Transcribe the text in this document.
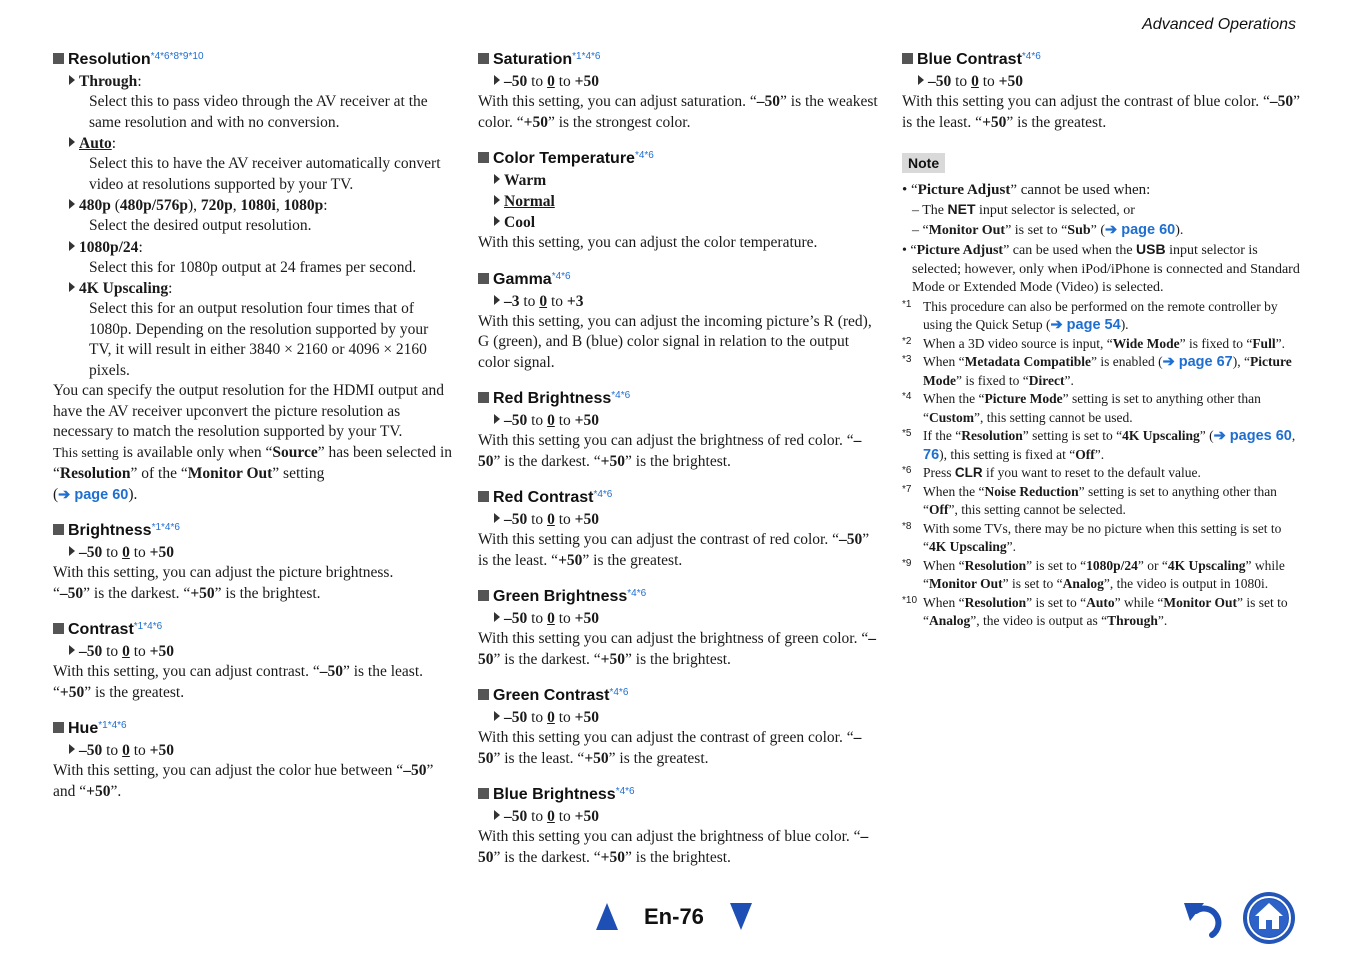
Advanced Operations
Resolution$^{*4*6*8*9*10}$
Through:
Select this to pass video through the AV receiver at the same resolution and with no conversion.
Auto:
Select this to have the AV receiver automatically convert video at resolutions supported by your TV.
480p (480p/576p), 720p, 1080i, 1080p:
Select the desired output resolution.
1080p/24:
Select this for 1080p output at 24 frames per second.
4K Upscaling:
Select this for an output resolution four times that of 1080p. Depending on the resolution supported by your TV, it will result in either 3840 × 2160 or 4096 × 2160 pixels.
You can specify the output resolution for the HDMI output and have the AV receiver upconvert the picture resolution as necessary to match the resolution supported by your TV.
This setting is available only when “Source” has been selected in “Resolution” of the “Monitor Out” setting
(➔ page 60).
Brightness$^{*1*4*6}$
–50 to 0 to +50
With this setting, you can adjust the picture brightness.
“–50” is the darkest. “+50” is the brightest.
Contrast$^{*1*4*6}$
–50 to 0 to +50
With this setting, you can adjust contrast. “–50” is the least. “+50” is the greatest.
Hue$^{*1*4*6}$
–50 to 0 to +50
With this setting, you can adjust the color hue between “–50” and “+50”.
Saturation$^{*1*4*6}$
–50 to 0 to +50
With this setting, you can adjust saturation. “–50” is the weakest color. “+50” is the strongest color.
Color Temperature$^{*4*6}$
Warm
Normal
Cool
With this setting, you can adjust the color temperature.
Gamma$^{*4*6}$
–3 to 0 to +3
With this setting, you can adjust the incoming picture’s R (red), G (green), and B (blue) color signal in relation to the output color signal.
Red Brightness$^{*4*6}$
–50 to 0 to +50
With this setting you can adjust the brightness of red color. “–50” is the darkest. “+50” is the brightest.
Red Contrast$^{*4*6}$
–50 to 0 to +50
With this setting you can adjust the contrast of red color. “–50” is the least. “+50” is the greatest.
Green Brightness$^{*4*6}$
–50 to 0 to +50
With this setting you can adjust the brightness of green color. “–50” is the darkest. “+50” is the brightest.
Green Contrast$^{*4*6}$
–50 to 0 to +50
With this setting you can adjust the contrast of green color. “–50” is the least. “+50” is the greatest.
Blue Brightness$^{*4*6}$
–50 to 0 to +50
With this setting you can adjust the brightness of blue color. “–50” is the darkest. “+50” is the brightest.
Blue Contrast$^{*4*6}$
–50 to 0 to +50
With this setting you can adjust the contrast of blue color. “–50” is the least. “+50” is the greatest.
Note
• “Picture Adjust” cannot be used when:
– The NET input selector is selected, or
– “Monitor Out” is set to “Sub” (➔ page 60).
• “Picture Adjust” can be used when the USB input selector is selected; however, only when iPod/iPhone is connected and Standard Mode or Extended Mode (Video) is selected.
*1 This procedure can also be performed on the remote controller by using the Quick Setup (➔ page 54).
*2 When a 3D video source is input, “Wide Mode” is fixed to “Full”.
*3 When “Metadata Compatible” is enabled (➔ page 67), “Picture Mode” is fixed to “Direct”.
*4 When the “Picture Mode” setting is set to anything other than “Custom”, this setting cannot be used.
*5 If the “Resolution” setting is set to “4K Upscaling” (➔ pages 60, 76), this setting is fixed at “Off”.
*6 Press CLR if you want to reset to the default value.
*7 When the “Noise Reduction” setting is set to anything other than “Off”, this setting cannot be selected.
*8 With some TVs, there may be no picture when this setting is set to “4K Upscaling”.
*9 When “Resolution” is set to “1080p/24” or “4K Upscaling” while “Monitor Out” is set to “Analog”, the video is output in 1080i.
*10 When “Resolution” is set to “Auto” while “Monitor Out” is set to “Analog”, the video is output as “Through”.
En-76
